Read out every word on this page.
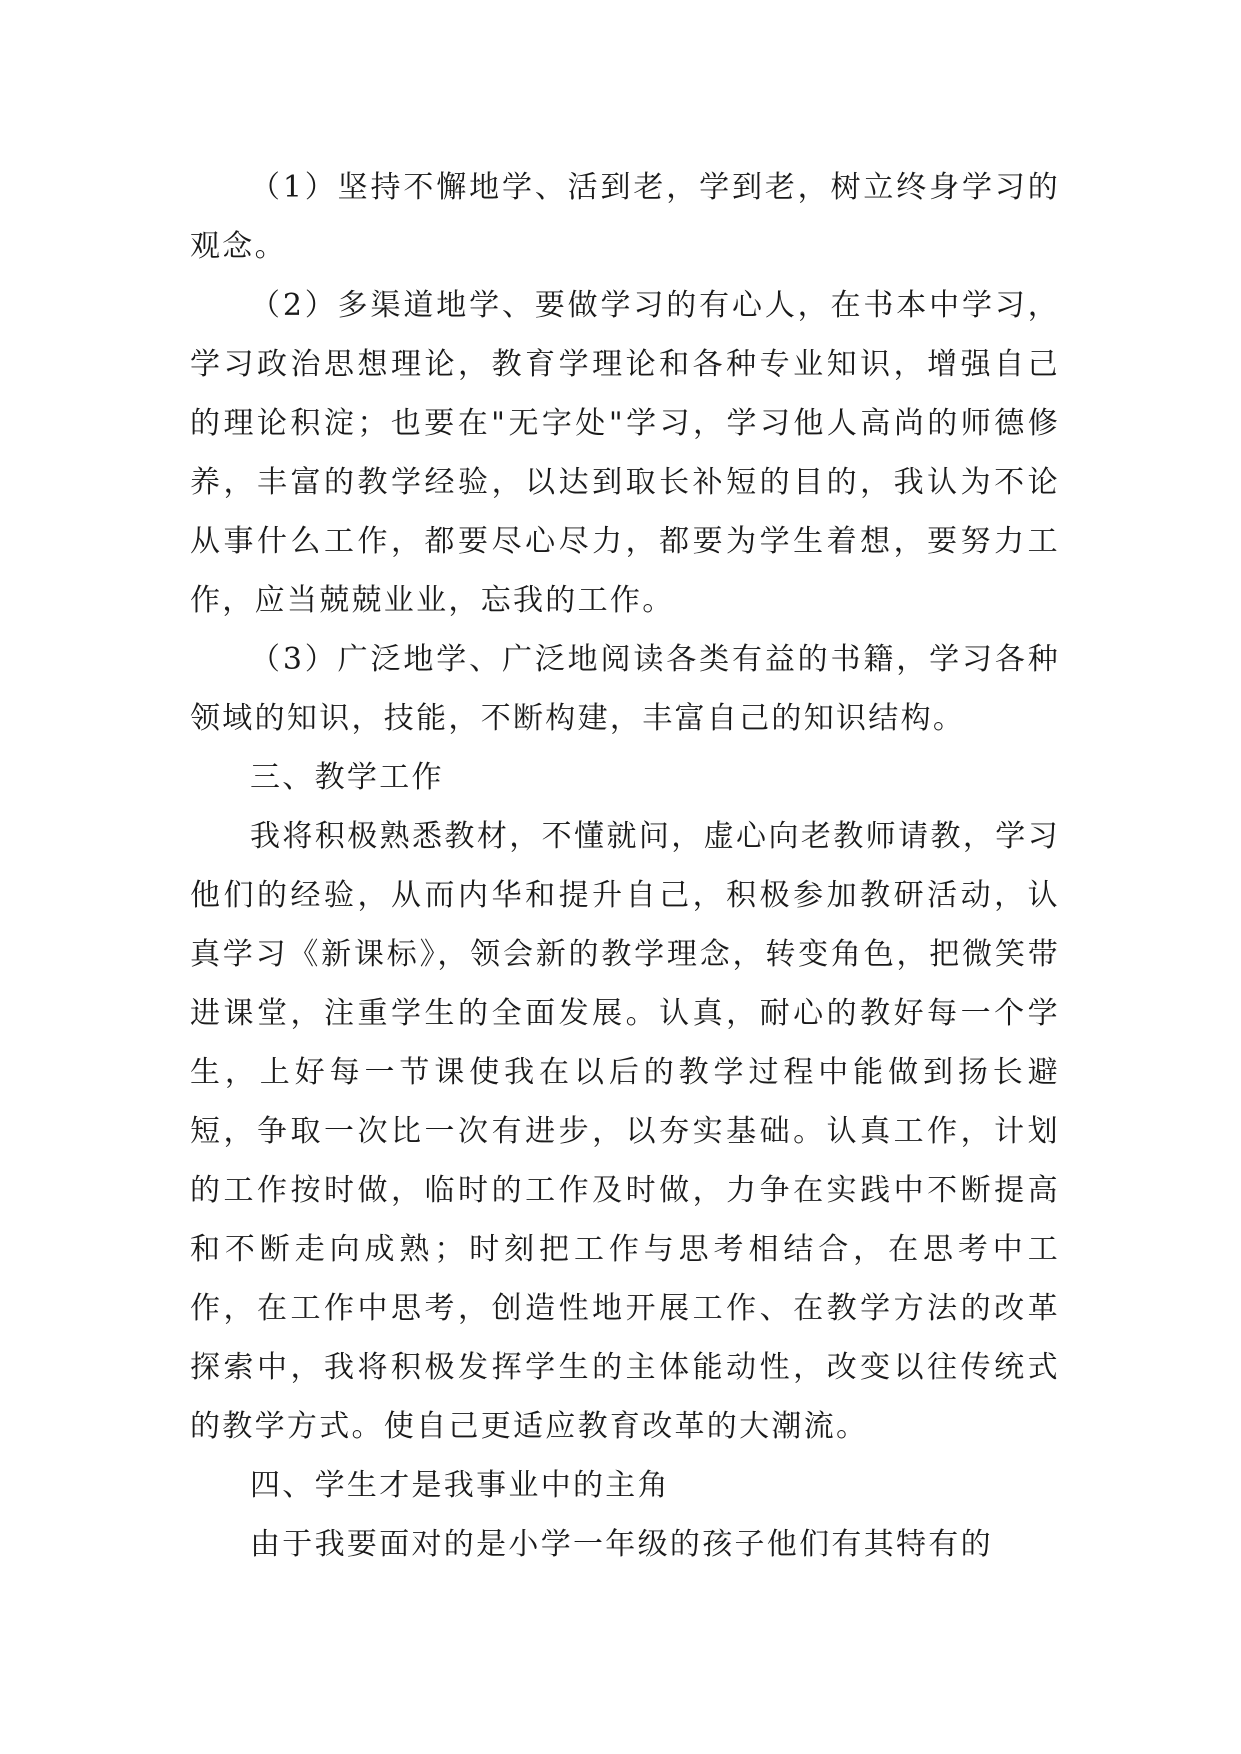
（1）坚持不懈地学、活到老，学到老，树立终身学习的观念。

（2）多渠道地学、要做学习的有心人，在书本中学习，学习政治思想理论，教育学理论和各种专业知识，增强自己的理论积淀；也要在"无字处"学习，学习他人高尚的师德修养，丰富的教学经验，以达到取长补短的目的，我认为不论从事什么工作，都要尽心尽力，都要为学生着想，要努力工作，应当兢兢业业，忘我的工作。

（3）广泛地学、广泛地阅读各类有益的书籍，学习各种领域的知识，技能，不断构建，丰富自己的知识结构。

三、教学工作

我将积极熟悉教材，不懂就问，虚心向老教师请教，学习他们的经验，从而内华和提升自己，积极参加教研活动，认真学习《新课标》，领会新的教学理念，转变角色，把微笑带进课堂，注重学生的全面发展。认真，耐心的教好每一个学生，上好每一节课使我在以后的教学过程中能做到扬长避短，争取一次比一次有进步，以夯实基础。认真工作，计划的工作按时做，临时的工作及时做，力争在实践中不断提高和不断走向成熟；时刻把工作与思考相结合，在思考中工作，在工作中思考，创造性地开展工作、在教学方法的改革探索中，我将积极发挥学生的主体能动性，改变以往传统式的教学方式。使自己更适应教育改革的大潮流。

四、学生才是我事业中的主角

由于我要面对的是小学一年级的孩子他们有其特有的
